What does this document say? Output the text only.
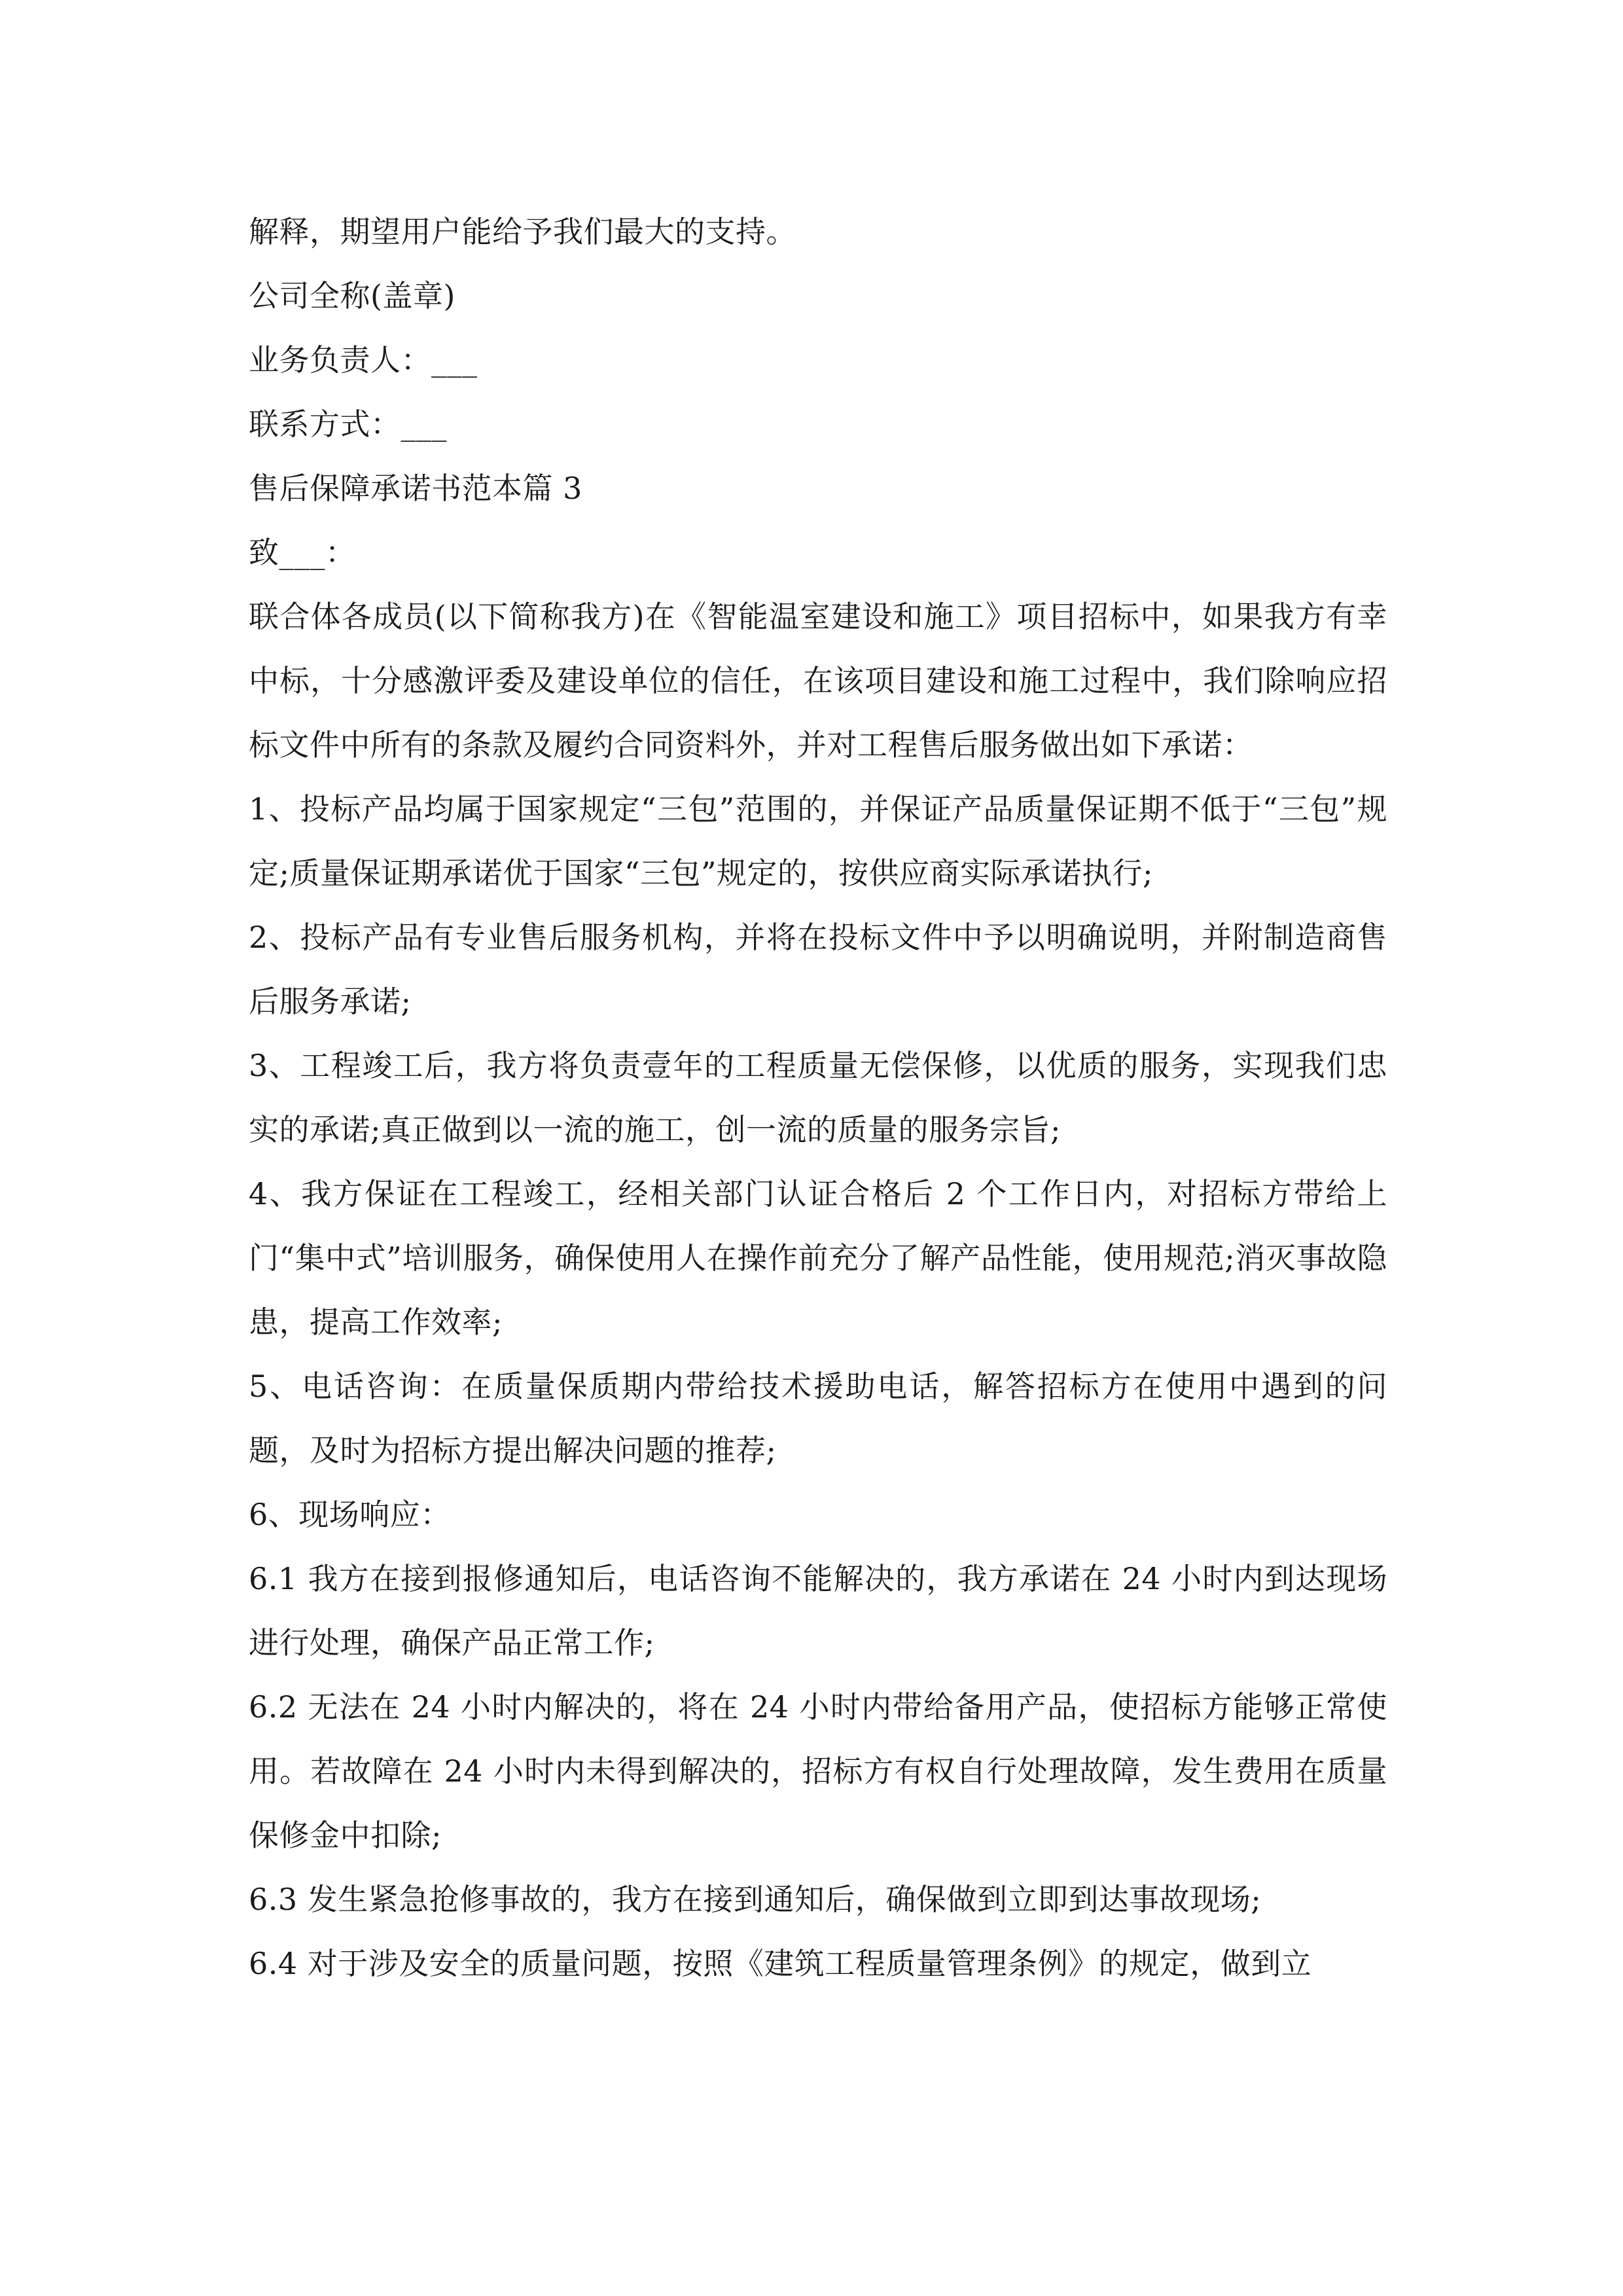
解释，期望用户能给予我们最大的支持。

公司全称(盖章)

业务负责人：___

联系方式：___

售后保障承诺书范本篇 3

致___：

联合体各成员(以下简称我方)在《智能温室建设和施工》项目招标中，如果我方有幸中标，十分感激评委及建设单位的信任，在该项目建设和施工过程中，我们除响应招标文件中所有的条款及履约合同资料外，并对工程售后服务做出如下承诺：

1、投标产品均属于国家规定“三包”范围的，并保证产品质量保证期不低于“三包”规定;质量保证期承诺优于国家“三包”规定的，按供应商实际承诺执行;

2、投标产品有专业售后服务机构，并将在投标文件中予以明确说明，并附制造商售后服务承诺;

3、工程竣工后，我方将负责壹年的工程质量无偿保修，以优质的服务，实现我们忠实的承诺;真正做到以一流的施工，创一流的质量的服务宗旨;

4、我方保证在工程竣工，经相关部门认证合格后 2 个工作日内，对招标方带给上门“集中式”培训服务，确保使用人在操作前充分了解产品性能，使用规范;消灭事故隐患，提高工作效率;

5、电话咨询：在质量保质期内带给技术援助电话，解答招标方在使用中遇到的问题，及时为招标方提出解决问题的推荐;

6、现场响应：

6.1 我方在接到报修通知后，电话咨询不能解决的，我方承诺在 24 小时内到达现场进行处理，确保产品正常工作;

6.2 无法在 24 小时内解决的，将在 24 小时内带给备用产品，使招标方能够正常使用。若故障在 24 小时内未得到解决的，招标方有权自行处理故障，发生费用在质量保修金中扣除;

6.3 发生紧急抢修事故的，我方在接到通知后，确保做到立即到达事故现场;

6.4 对于涉及安全的质量问题，按照《建筑工程质量管理条例》的规定，做到立
